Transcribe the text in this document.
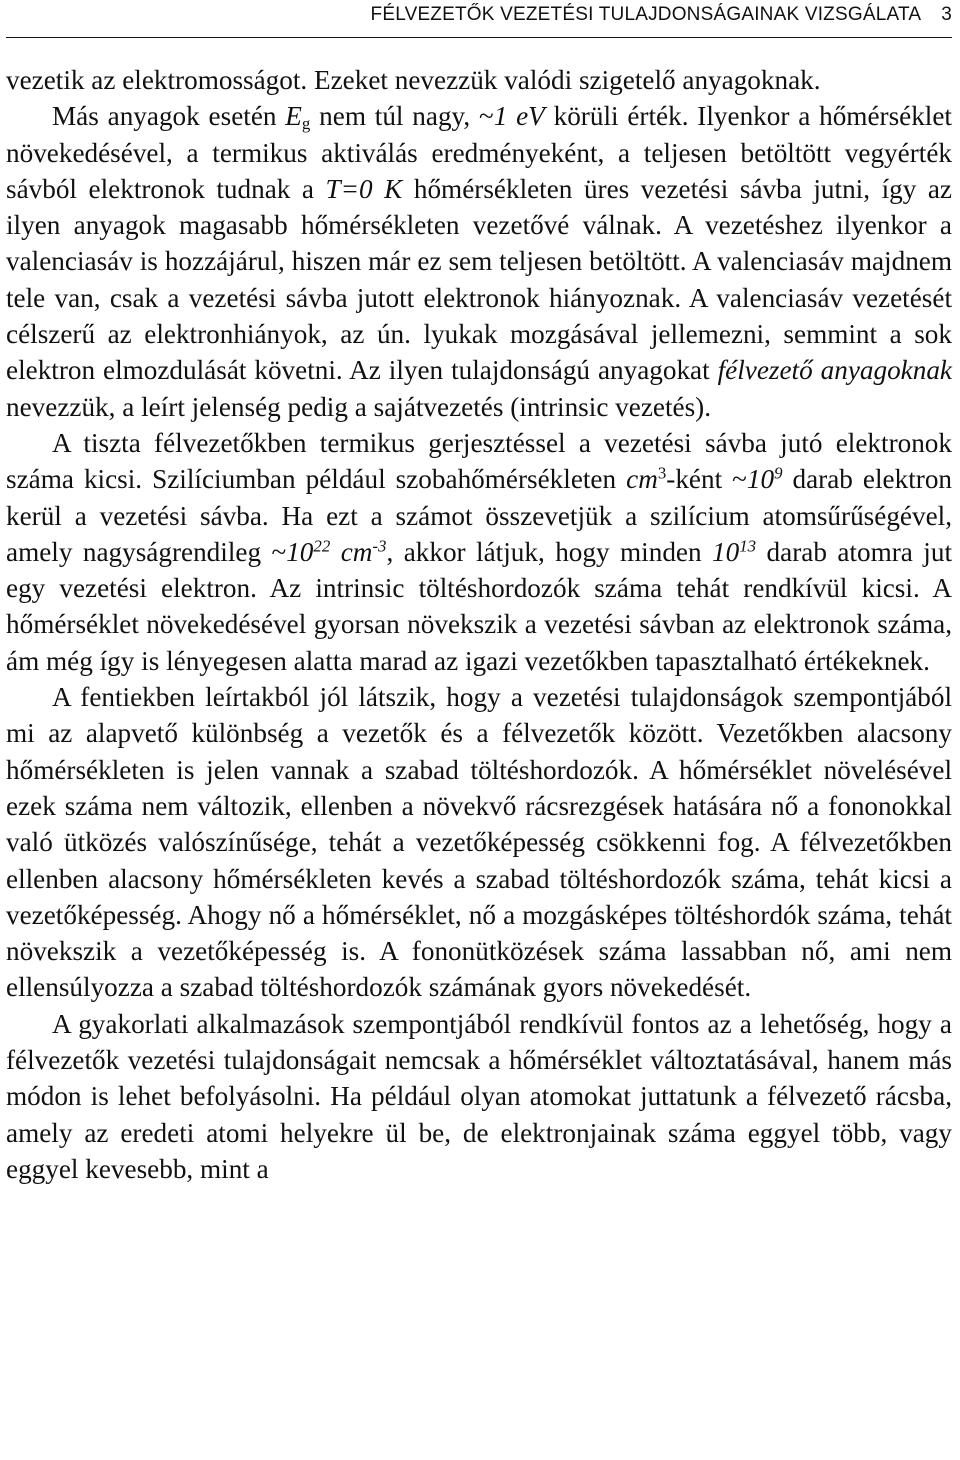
FÉLVEZETŐK VEZETÉSI TULAJDONSÁGAINAK VIZSGÁLATA 3

vezetik az elektromosságot. Ezeket nevezzük valódi szigetelő anyagoknak.

Más anyagok esetén $E_g$ nem túl nagy, ~1 eV körüli érték. Ilyenkor a hőmérséklet növekedésével, a termikus aktiválás eredményeként, a teljesen betöltött vegyérték sávból elektronok tudnak a T=0 K hőmérsékleten üres vezetési sávba jutni, így az ilyen anyagok magasabb hőmérsékleten vezetővé válnak. A vezetéshez ilyenkor a valenciasáv is hozzájárul, hiszen már ez sem teljesen betöltött. A valenciasáv majdnem tele van, csak a vezetési sávba jutott elektronok hiányoznak. A valenciasáv vezetését célszerű az elektronhiányok, az ún. lyukak mozgásával jellemezni, semmint a sok elektron elmozdulását követni. Az ilyen tulajdonságú anyagokat félvezető anyagoknak nevezzük, a leírt jelenség pedig a sajátvezetés (intrinsic vezetés).

A tiszta félvezetőkben termikus gerjesztéssel a vezetési sávba jutó elektronok száma kicsi. Szilíciumban például szobahőmérsékleten $cm^3$-ként $\sim 10^9$ darab elektron kerül a vezetési sávba. Ha ezt a számot összevetjük a szilícium atomsűrűségével, amely nagyságrendileg $\sim 10^{22}$ $cm^{-3}$, akkor látjuk, hogy minden $10^{13}$ darab atomra jut egy vezetési elektron. Az intrinsic töltéshordozók száma tehát rendkívül kicsi. A hőmérséklet növekedésével gyorsan növekszik a vezetési sávban az elektronok száma, ám még így is lényegesen alatta marad az igazi vezetőkben tapasztalható értékeknek.

A fentiekben leírtakból jól látszik, hogy a vezetési tulajdonságok szempontjából mi az alapvető különbség a vezetők és a félvezetők között. Vezetőkben alacsony hőmérsékleten is jelen vannak a szabad töltéshordozók. A hőmérséklet növelésével ezek száma nem változik, ellenben a növekvő rácsrezgések hatására nő a fononokkal való ütközés valószínűsége, tehát a vezetőképesség csökkenni fog. A félvezetőkben ellenben alacsony hőmérsékleten kevés a szabad töltéshordozók száma, tehát kicsi a vezetőképesség. Ahogy nő a hőmérséklet, nő a mozgásképes töltéshordók száma, tehát növekszik a vezetőképesség is. A fononütközések száma lassabban nő, ami nem ellensúlyozza a szabad töltéshordozók számának gyors növekedését.

A gyakorlati alkalmazások szempontjából rendkívül fontos az a lehetőség, hogy a félvezetők vezetési tulajdonságait nemcsak a hőmérséklet változtatásával, hanem más módon is lehet befolyásolni. Ha például olyan atomokat juttatunk a félvezető rácsba, amely az eredeti atomi helyekre ül be, de elektronjainak száma eggyel több, vagy eggyel kevesebb, mint a
